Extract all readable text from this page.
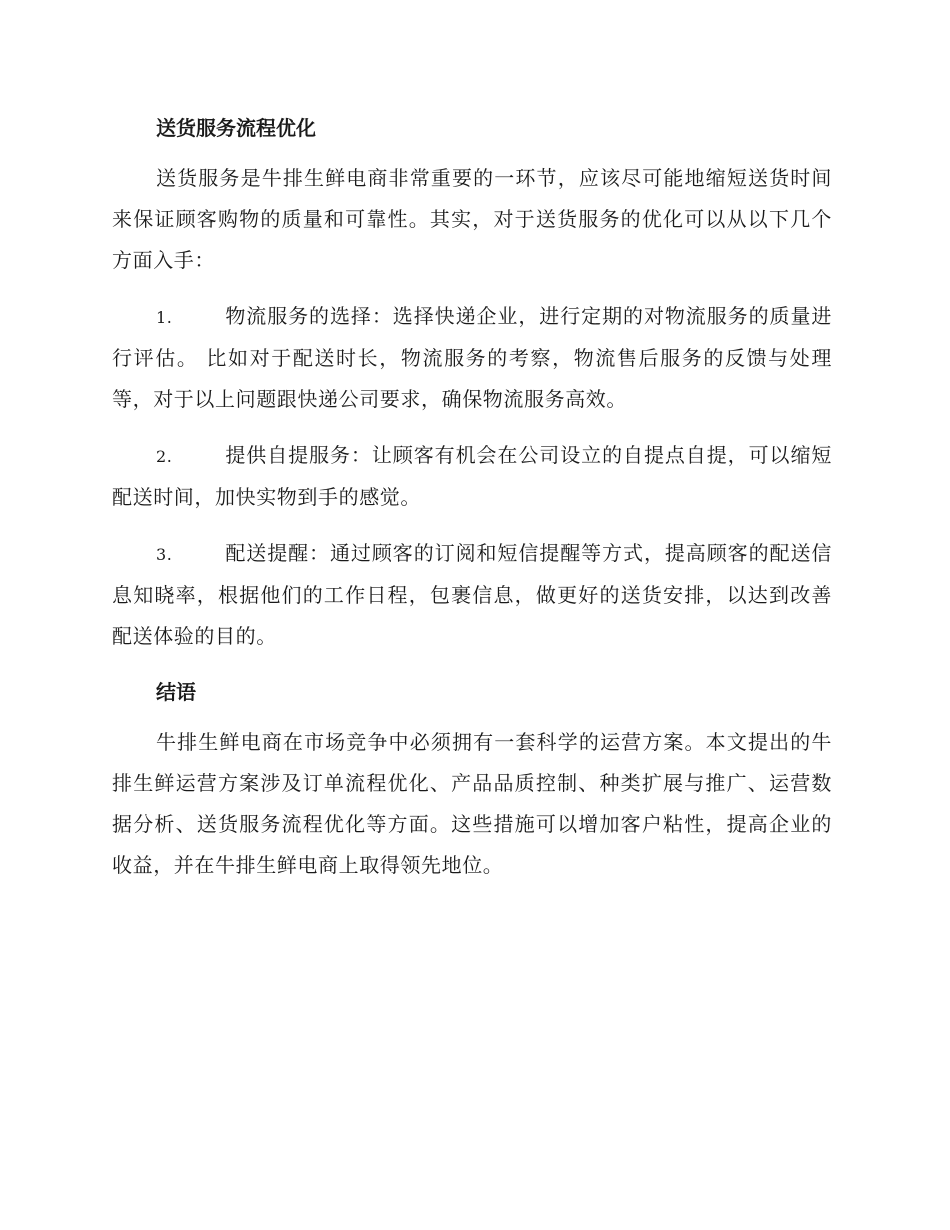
送货服务流程优化

送货服务是牛排生鲜电商非常重要的一环节，应该尽可能地缩短送货时间来保证顾客购物的质量和可靠性。其实，对于送货服务的优化可以从以下几个方面入手：

1.	物流服务的选择：选择快递企业，进行定期的对物流服务的质量进行评估。 比如对于配送时长，物流服务的考察，物流售后服务的反馈与处理等，对于以上问题跟快递公司要求，确保物流服务高效。

2.	提供自提服务：让顾客有机会在公司设立的自提点自提，可以缩短配送时间，加快实物到手的感觉。

3.	配送提醒：通过顾客的订阅和短信提醒等方式，提高顾客的配送信息知晓率，根据他们的工作日程，包裹信息，做更好的送货安排，以达到改善配送体验的目的。

结语

牛排生鲜电商在市场竞争中必须拥有一套科学的运营方案。本文提出的牛排生鲜运营方案涉及订单流程优化、产品品质控制、种类扩展与推广、运营数据分析、送货服务流程优化等方面。这些措施可以增加客户粘性，提高企业的收益，并在牛排生鲜电商上取得领先地位。
